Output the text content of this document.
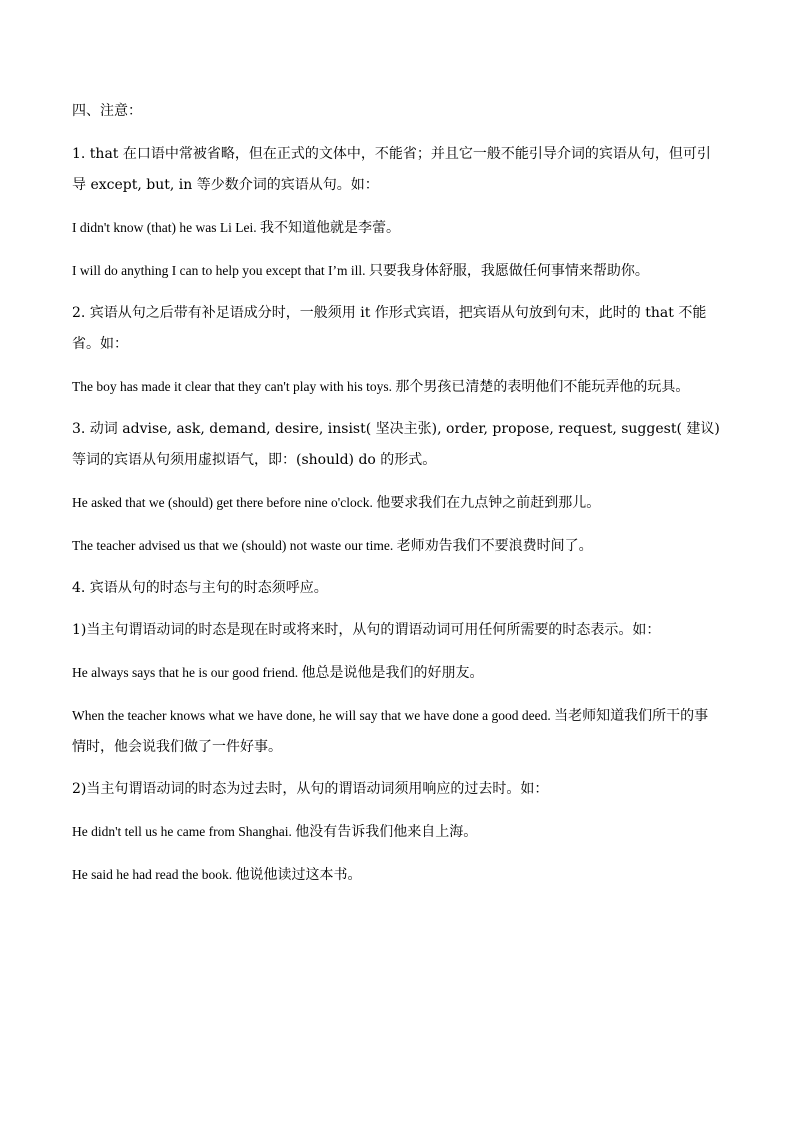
四、注意：

1. that 在口语中常被省略，但在正式的文体中，不能省；并且它一般不能引导介词的宾语从句，但可引导 except, but, in 等少数介词的宾语从句。如：

I didn't know (that) he was Li Lei. 我不知道他就是李蕾。

I will do anything I can to help you except that I’m ill. 只要我身体舒服，我愿做任何事情来帮助你。

2. 宾语从句之后带有补足语成分时，一般须用 it 作形式宾语，把宾语从句放到句末，此时的 that 不能省。如：

The boy has made it clear that they can't play with his toys. 那个男孩已清楚的表明他们不能玩弄他的玩具。

3. 动词 advise, ask, demand, desire, insist( 坚决主张), order, propose, request, suggest( 建议)等词的宾语从句须用虚拟语气，即：(should) do 的形式。

He asked that we (should) get there before nine o'clock. 他要求我们在九点钟之前赶到那儿。

The teacher advised us that we (should) not waste our time. 老师劝告我们不要浪费时间了。

4. 宾语从句的时态与主句的时态须呼应。

1)当主句谓语动词的时态是现在时或将来时，从句的谓语动词可用任何所需要的时态表示。如：

He always says that he is our good friend. 他总是说他是我们的好朋友。

When the teacher knows what we have done, he will say that we have done a good deed. 当老师知道我们所干的事情时，他会说我们做了一件好事。

2)当主句谓语动词的时态为过去时，从句的谓语动词须用响应的过去时。如：

He didn't tell us he came from Shanghai. 他没有告诉我们他来自上海。

He said he had read the book. 他说他读过这本书。
